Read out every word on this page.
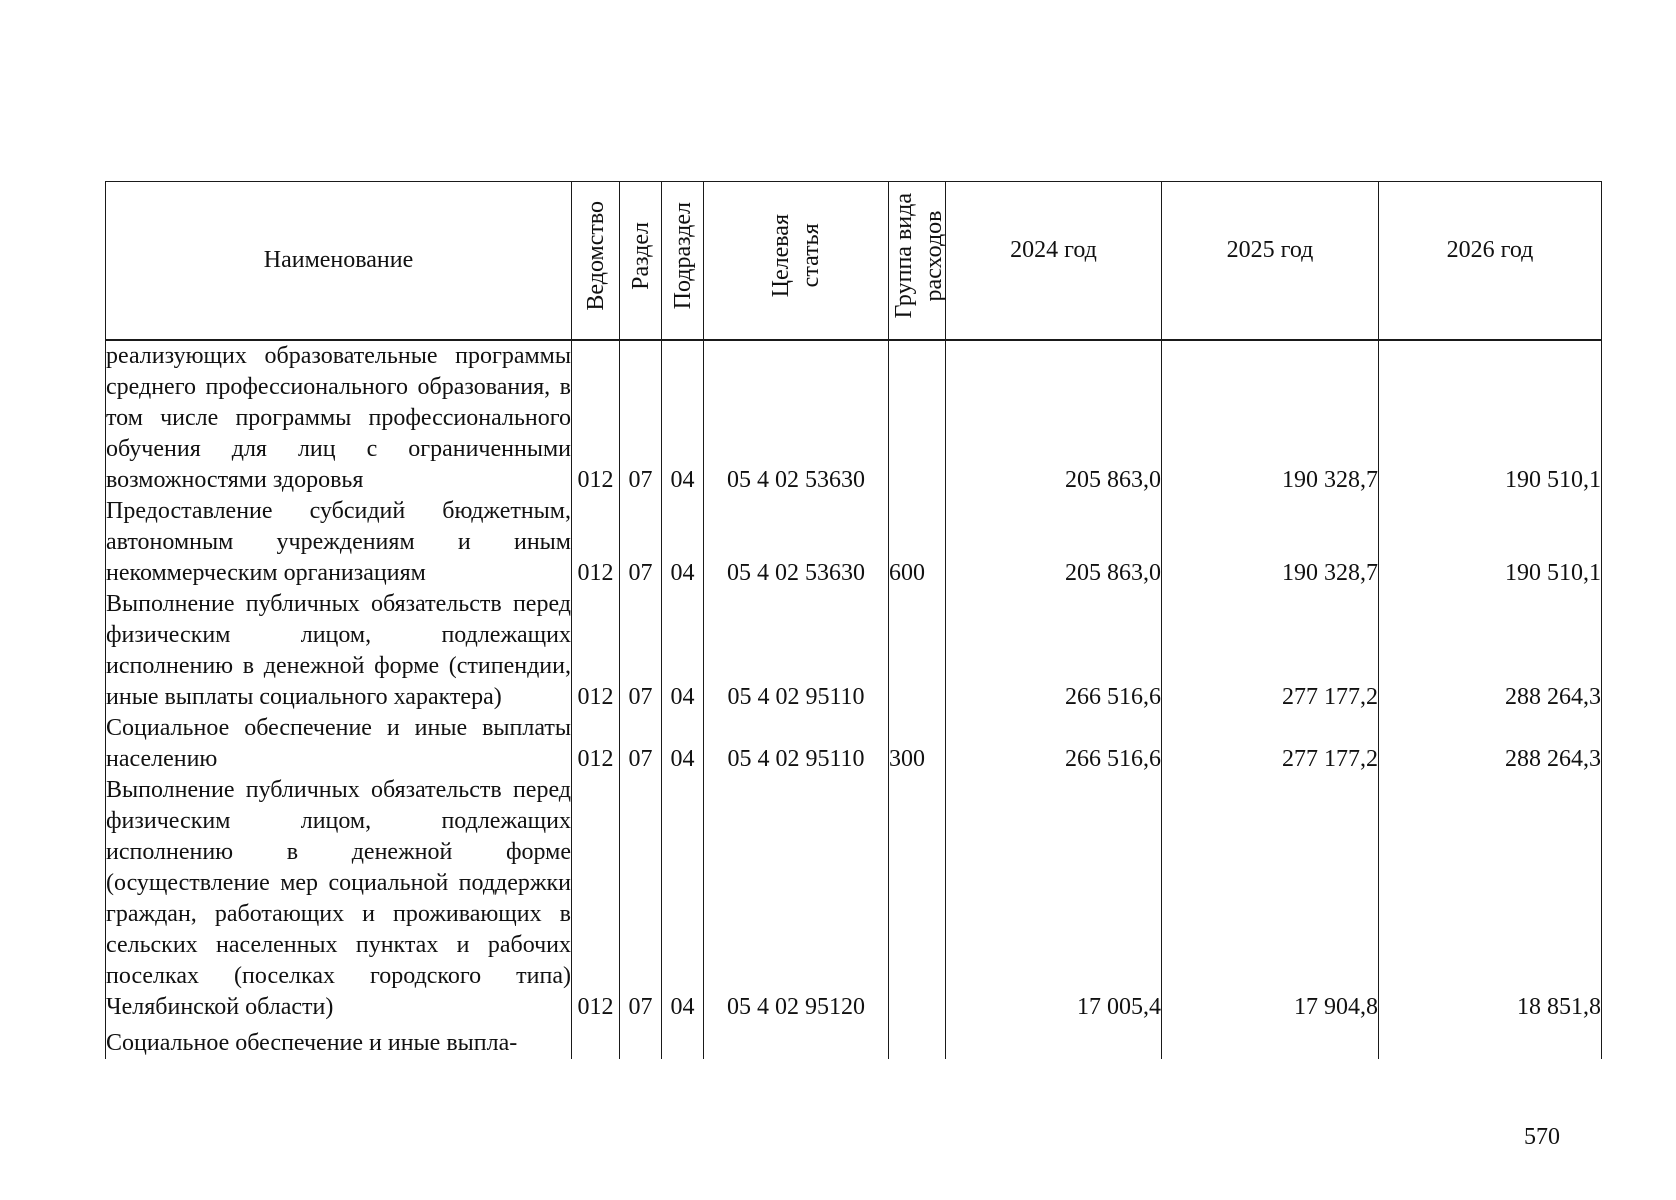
Наименование	Ведомство	Раздел	Подраздел	Целевая статья	Группа вида расходов	2024 год	2025 год	2026 год
реализующих образовательные программы среднего профессионального образования, в том числе программы профессионального обучения для лиц с ограниченными возможностями здоровья	012	07	04	05 4 02 53630		205 863,0	190 328,7	190 510,1
Предоставление субсидий бюджетным, автономным учреждениям и иным некоммерческим организациям	012	07	04	05 4 02 53630	600	205 863,0	190 328,7	190 510,1
Выполнение публичных обязательств перед физическим лицом, подлежащих исполнению в денежной форме (стипендии, иные выплаты социального характера)	012	07	04	05 4 02 95110		266 516,6	277 177,2	288 264,3
Социальное обеспечение и иные выплаты населению	012	07	04	05 4 02 95110	300	266 516,6	277 177,2	288 264,3
Выполнение публичных обязательств перед физическим лицом, подлежащих исполнению в денежной форме (осуществление мер социальной поддержки граждан, работающих и проживающих в сельских населенных пунктах и рабочих поселках (поселках городского типа) Челябинской области)	012	07	04	05 4 02 95120		17 005,4	17 904,8	18 851,8
Социальное обеспечение и иные выпла-								
570
